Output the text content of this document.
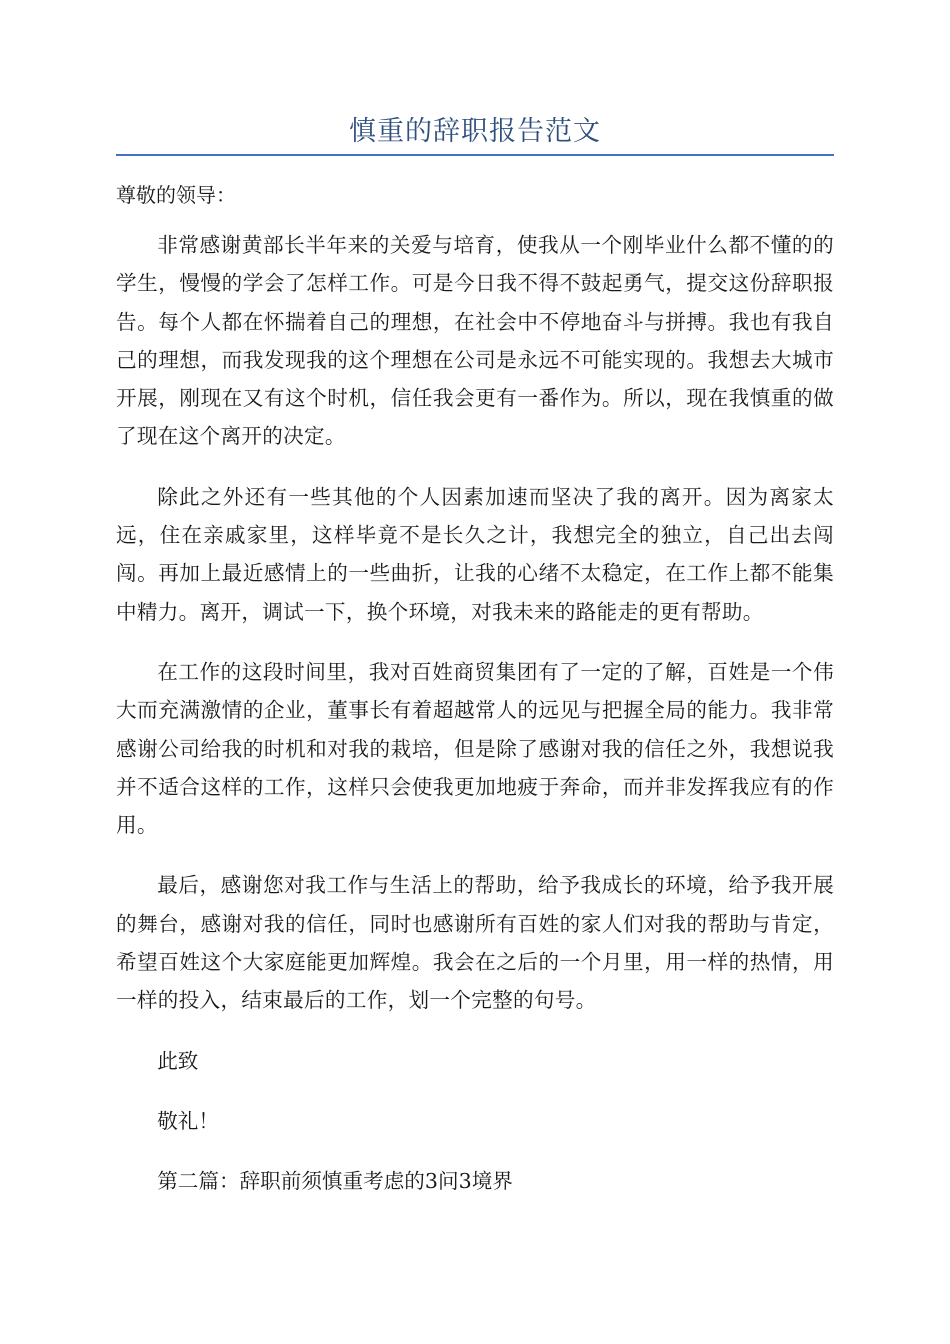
慎重的辞职报告范文

尊敬的领导：

非常感谢黄部长半年来的关爱与培育，使我从一个刚毕业什么都不懂的的学生，慢慢的学会了怎样工作。可是今日我不得不鼓起勇气，提交这份辞职报告。每个人都在怀揣着自己的理想，在社会中不停地奋斗与拼搏。我也有我自己的理想，而我发现我的这个理想在公司是永远不可能实现的。我想去大城市开展，刚现在又有这个时机，信任我会更有一番作为。所以，现在我慎重的做了现在这个离开的决定。

除此之外还有一些其他的个人因素加速而坚决了我的离开。因为离家太远，住在亲戚家里，这样毕竟不是长久之计，我想完全的独立，自己出去闯闯。再加上最近感情上的一些曲折，让我的心绪不太稳定，在工作上都不能集中精力。离开，调试一下，换个环境，对我未来的路能走的更有帮助。

在工作的这段时间里，我对百姓商贸集团有了一定的了解，百姓是一个伟大而充满激情的企业，董事长有着超越常人的远见与把握全局的能力。我非常感谢公司给我的时机和对我的栽培，但是除了感谢对我的信任之外，我想说我并不适合这样的工作，这样只会使我更加地疲于奔命，而并非发挥我应有的作用。

最后，感谢您对我工作与生活上的帮助，给予我成长的环境，给予我开展的舞台，感谢对我的信任，同时也感谢所有百姓的家人们对我的帮助与肯定，希望百姓这个大家庭能更加辉煌。我会在之后的一个月里，用一样的热情，用一样的投入，结束最后的工作，划一个完整的句号。

此致

敬礼！

第二篇：辞职前须慎重考虑的3问3境界
